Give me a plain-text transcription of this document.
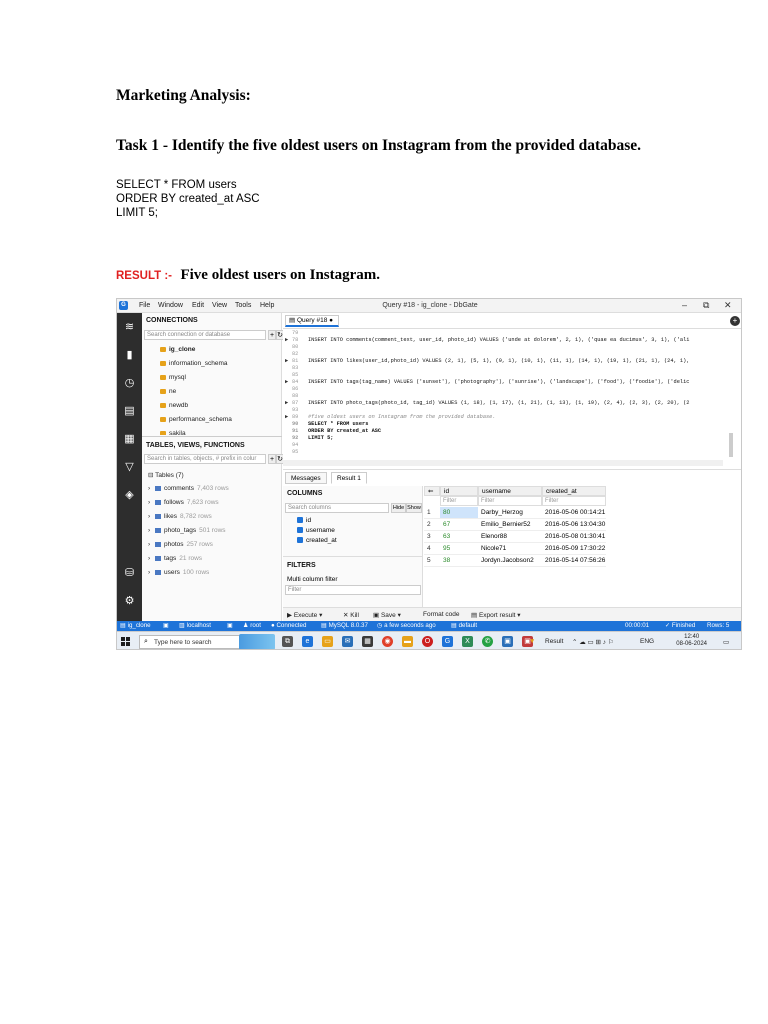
Marketing Analysis:
Task 1 - Identify the five oldest users on Instagram from the provided database.
SELECT * FROM users
ORDER BY created_at ASC
LIMIT 5;
RESULT :- Five oldest users on Instagram.
G	File Window Edit View Tools Help	Query #18 - ig_clone - DbGate	– ⧉ ✕
≋
▮
◷
▤
▦
▽
◈
⛁
⚙
CONNECTIONS
Search connection or database	+ ↻
ig_clone
information_schema
mysql
ne
newdb
performance_schema
sakila
TABLES, VIEWS, FUNCTIONS
Search in tables, objects, # prefix in colur	+ ↻
⊟ Tables (7)
› comments 7,403 rows
› follows 7,623 rows
› likes 8,782 rows
› photo_tags 501 rows
› photos 257 rows
› tags 21 rows
› users 100 rows
▤ Query #18 ●	+
79
▶ 78 INSERT INTO comments(comment_text, user_id, photo_id) VALUES ('unde at dolorem', 2, 1), ('quae ea ducimus', 3, 1), ('ali
80
82
▶ 81 INSERT INTO likes(user_id,photo_id) VALUES (2, 1), (5, 1), (9, 1), (10, 1), (11, 1), (14, 1), (19, 1), (21, 1), (24, 1),
83
85
▶ 84 INSERT INTO tags(tag_name) VALUES ('sunset'), ('photography'), ('sunrise'), ('landscape'), ('food'), ('foodie'), ('delic
86
88
▶ 87 INSERT INTO photo_tags(photo_id, tag_id) VALUES (1, 18), (1, 17), (1, 21), (1, 13), (1, 19), (2, 4), (2, 3), (2, 20), (2
93
▶ 89 #five oldest users on Instagram from the provided database.
90 SELECT * FROM users
91 ORDER BY created_at ASC
92 LIMIT 5;
94
95
Messages	Result 1
COLUMNS
Search columns	Hide Show
id
username
created_at
FILTERS
Multi column filter
Filter
⇐	id	username	created_at
Filter	Filter	Filter
1	80	Darby_Herzog	2016-05-06 00:14:21
2	67	Emilio_Bernier52	2016-05-06 13:04:30
3	63	Elenor88	2016-05-08 01:30:41
4	95	Nicole71	2016-05-09 17:30:22
5	38	Jordyn.Jacobson2	2016-05-14 07:56:26
▶ Execute ▾	✕ Kill ▣ Save ▾	Format code ▤ Export result ▾
▤ ig_clone ▣ ▥ localhost	▣ ♟ root ● Connected ▤ MySQL 8.0.37 ◷ a few seconds ago ▤ default	00:00:01	✓ Finished Rows: 5
Type here to search
⌕	⧉	e	▭	✉	▦	◉	▬	O	G	X	✆	▣	▣
▼ Result ⌃ ☁ ▭ ⊞ ♪ ⚐	ENG
12:40
08-06-2024 ▭
